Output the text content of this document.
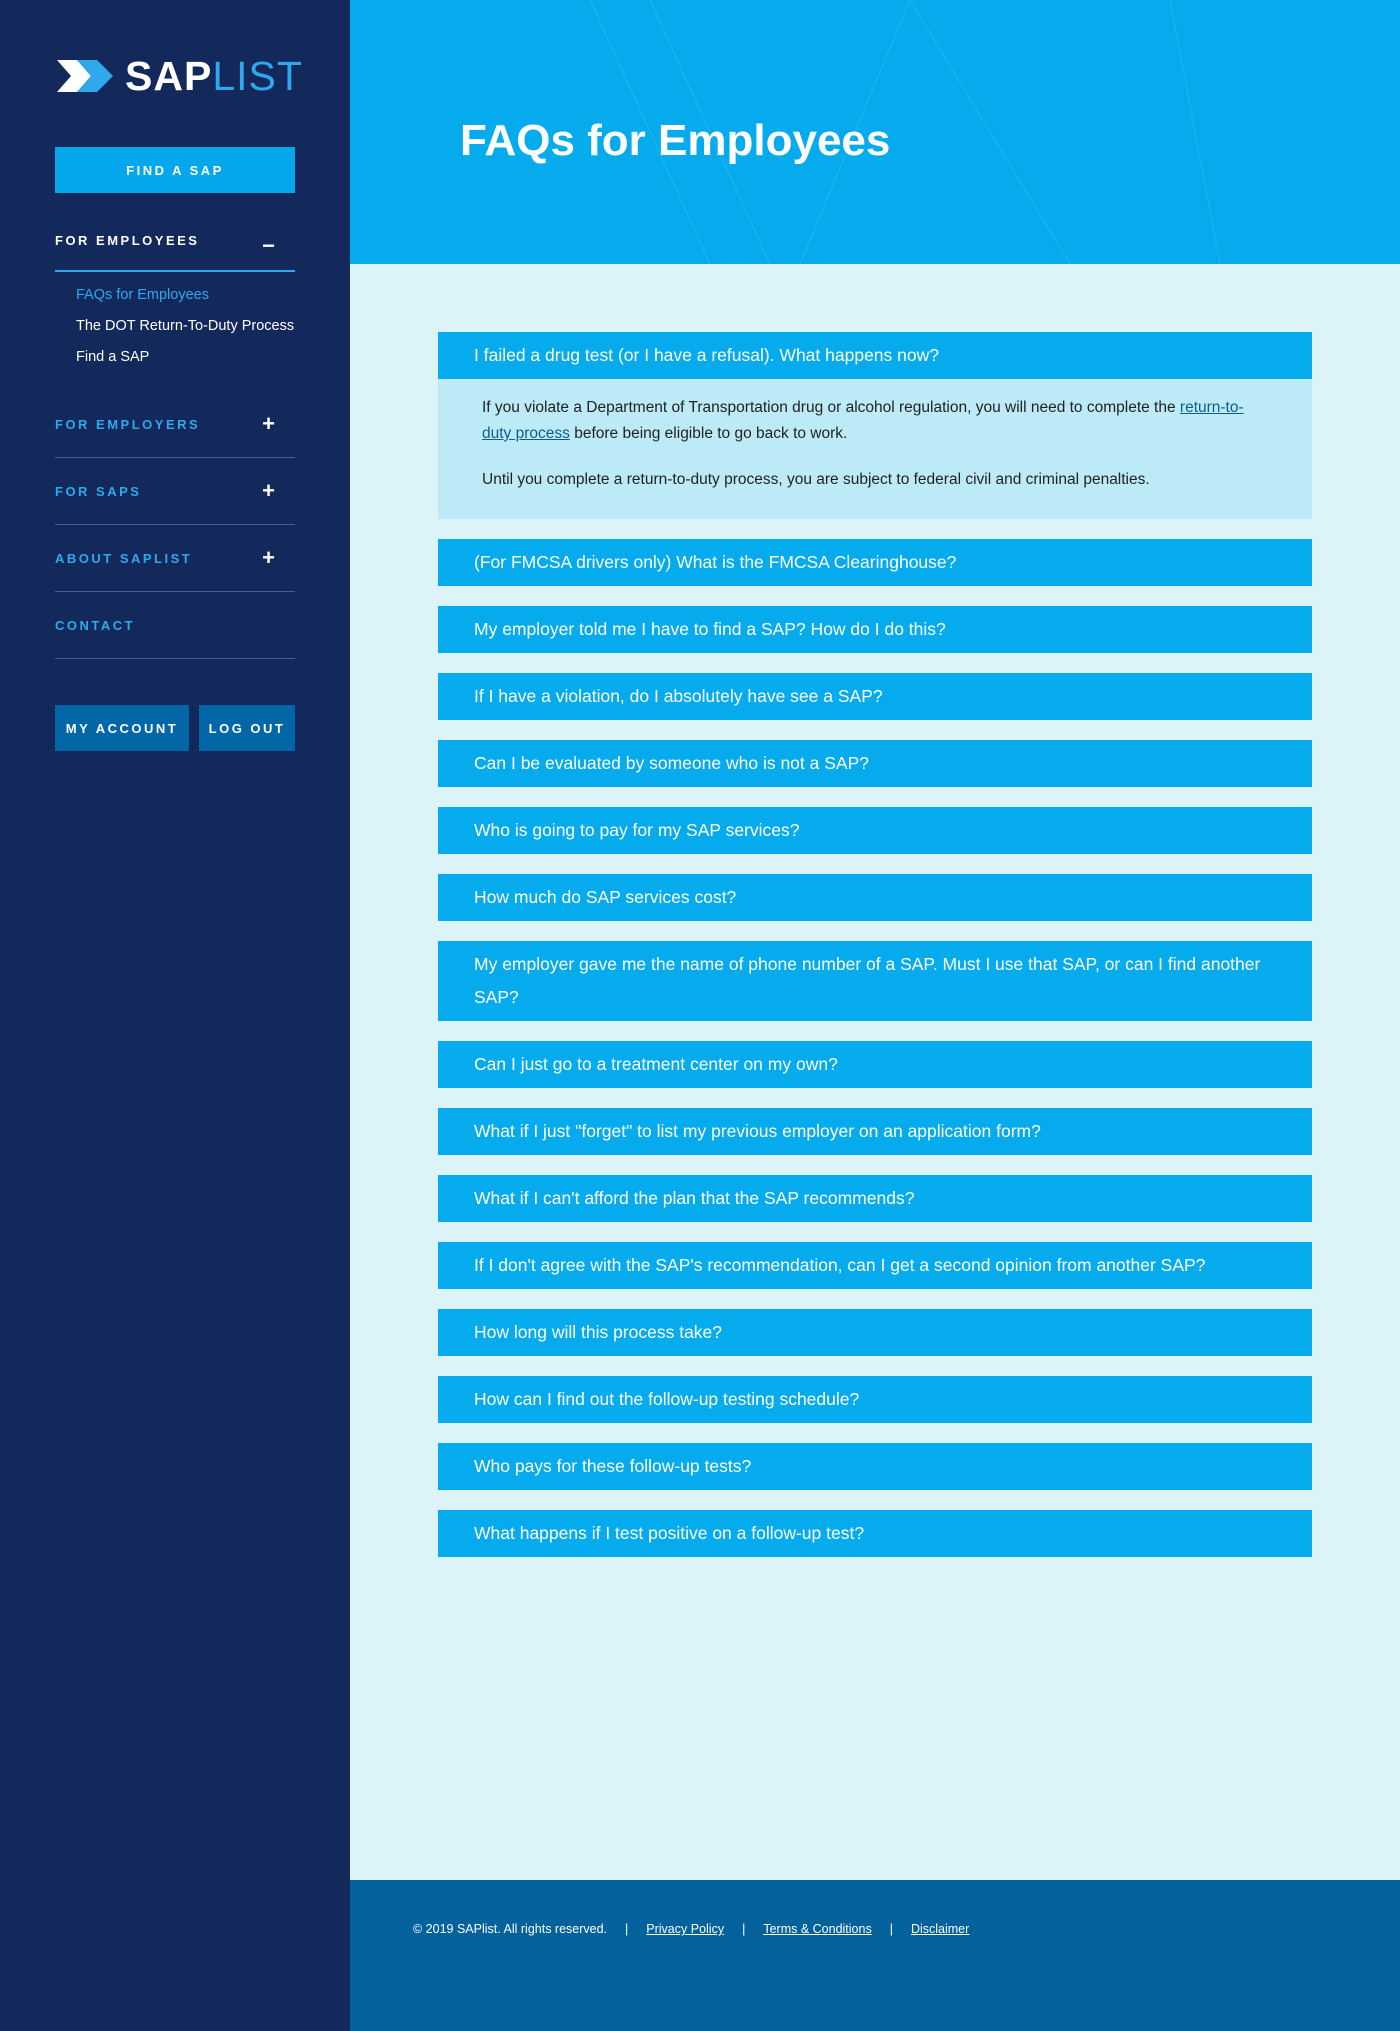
SAPLIST
FIND A SAP
FOR EMPLOYEES	−
FAQs for Employees
The DOT Return-To-Duty Process
Find a SAP
FOR EMPLOYERS	+
FOR SAPS	+
ABOUT SAPLIST	+
CONTACT
MY ACCOUNT	LOG OUT
FAQs for Employees
I failed a drug test (or I have a refusal). What happens now?

If you violate a Department of Transportation drug or alcohol regulation, you will need to complete the return-to-duty process before being eligible to go back to work.

Until you complete a return-to-duty process, you are subject to federal civil and criminal penalties.

(For FMCSA drivers only) What is the FMCSA Clearinghouse?
My employer told me I have to find a SAP? How do I do this?
If I have a violation, do I absolutely have see a SAP?
Can I be evaluated by someone who is not a SAP?
Who is going to pay for my SAP services?
How much do SAP services cost?
My employer gave me the name of phone number of a SAP. Must I use that SAP, or can I find another SAP?
Can I just go to a treatment center on my own?
What if I just "forget" to list my previous employer on an application form?
What if I can't afford the plan that the SAP recommends?
If I don't agree with the SAP's recommendation, can I get a second opinion from another SAP?
How long will this process take?
How can I find out the follow-up testing schedule?
Who pays for these follow-up tests?
What happens if I test positive on a follow-up test?
© 2019 SAPlist. All rights reserved. | Privacy Policy | Terms & Conditions | Disclaimer
